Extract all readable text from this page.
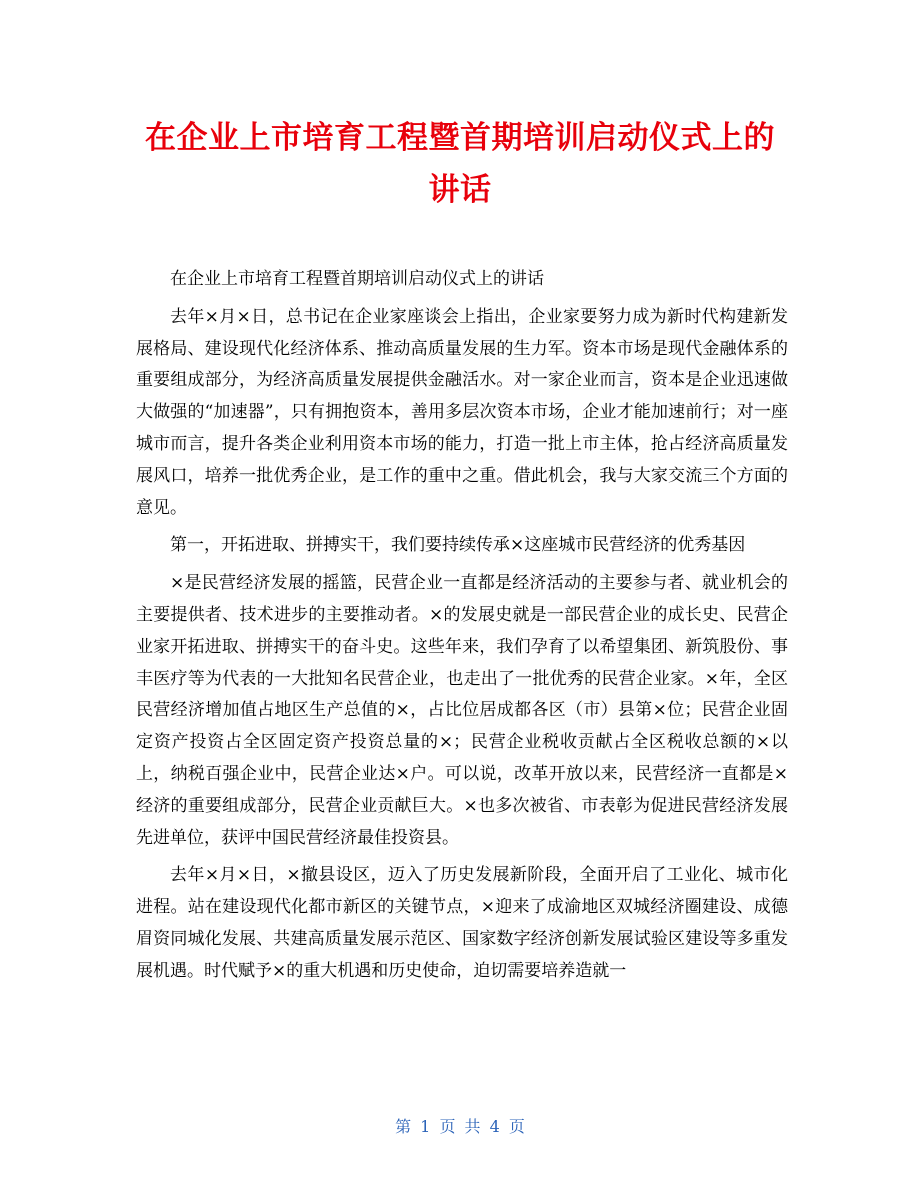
在企业上市培育工程暨首期培训启动仪式上的讲话

在企业上市培育工程暨首期培训启动仪式上的讲话

去年×月×日，总书记在企业家座谈会上指出，企业家要努力成为新时代构建新发展格局、建设现代化经济体系、推动高质量发展的生力军。资本市场是现代金融体系的重要组成部分，为经济高质量发展提供金融活水。对一家企业而言，资本是企业迅速做大做强的“加速器”，只有拥抱资本，善用多层次资本市场，企业才能加速前行；对一座城市而言，提升各类企业利用资本市场的能力，打造一批上市主体，抢占经济高质量发展风口，培养一批优秀企业，是工作的重中之重。借此机会，我与大家交流三个方面的意见。

第一，开拓进取、拼搏实干，我们要持续传承×这座城市民营经济的优秀基因

×是民营经济发展的摇篮，民营企业一直都是经济活动的主要参与者、就业机会的主要提供者、技术进步的主要推动者。×的发展史就是一部民营企业的成长史、民营企业家开拓进取、拼搏实干的奋斗史。这些年来，我们孕育了以希望集团、新筑股份、事丰医疗等为代表的一大批知名民营企业，也走出了一批优秀的民营企业家。×年，全区民营经济增加值占地区生产总值的×，占比位居成都各区（市）县第×位；民营企业固定资产投资占全区固定资产投资总量的×；民营企业税收贡献占全区税收总额的×以上，纳税百强企业中，民营企业达×户。可以说，改革开放以来，民营经济一直都是×经济的重要组成部分，民营企业贡献巨大。×也多次被省、市表彰为促进民营经济发展先进单位，获评中国民营经济最佳投资县。

去年×月×日，×撤县设区，迈入了历史发展新阶段，全面开启了工业化、城市化进程。站在建设现代化都市新区的关键节点，×迎来了成渝地区双城经济圈建设、成德眉资同城化发展、共建高质量发展示范区、国家数字经济创新发展试验区建设等多重发展机遇。时代赋予×的重大机遇和历史使命，迫切需要培养造就一

第 1 页 共 4 页
